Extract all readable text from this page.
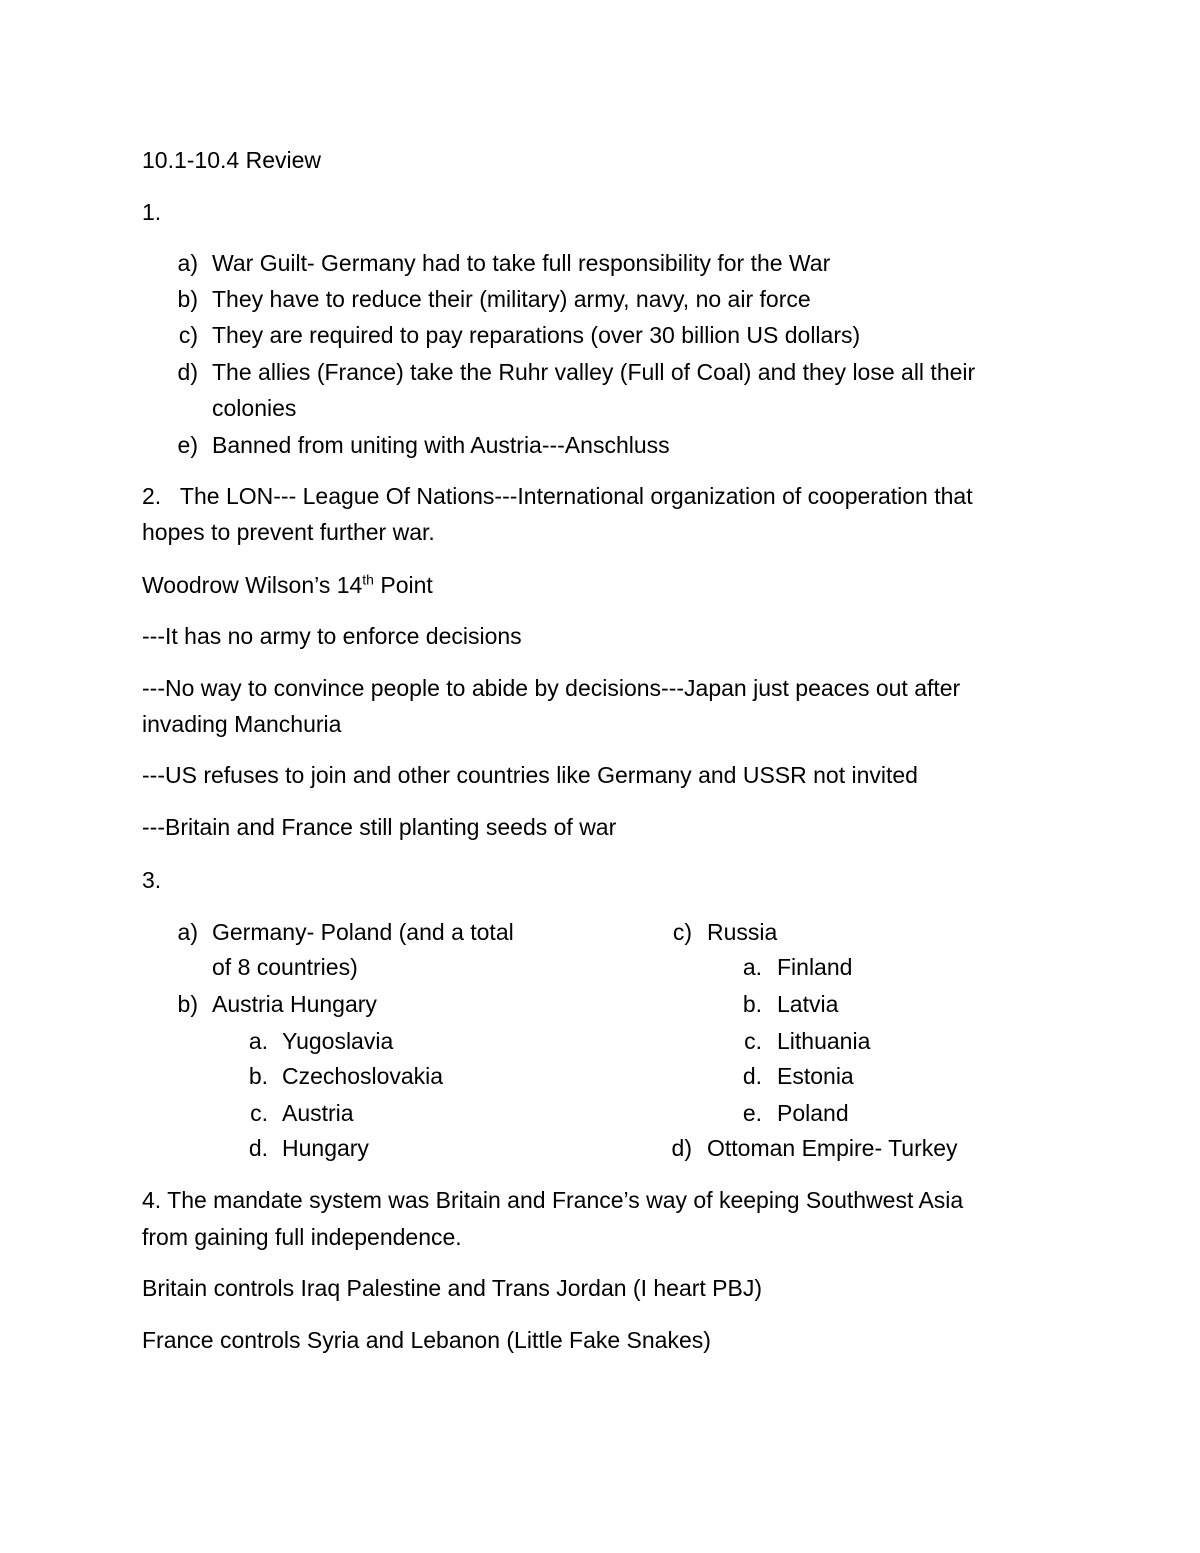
10.1-10.4 Review
1.
a) War Guilt- Germany had to take full responsibility for the War
b) They have to reduce their (military) army, navy, no air force
c) They are required to pay reparations (over 30 billion US dollars)
d) The allies (France) take the Ruhr valley (Full of Coal) and they lose all their
colonies
e) Banned from uniting with Austria---Anschluss
2.   The LON--- League Of Nations---International organization of cooperation that
hopes to prevent further war.
Woodrow Wilson’s 14th Point
---It has no army to enforce decisions
---No way to convince people to abide by decisions---Japan just peaces out after
invading Manchuria
---US refuses to join and other countries like Germany and USSR not invited
---Britain and France still planting seeds of war
3.
a) Germany- Poland (and a total
of 8 countries)
b) Austria Hungary
a. Yugoslavia
b. Czechoslovakia
c. Austria
d. Hungary
c) Russia
a. Finland
b. Latvia
c. Lithuania
d. Estonia
e. Poland
d) Ottoman Empire- Turkey
4. The mandate system was Britain and France’s way of keeping Southwest Asia
from gaining full independence.
Britain controls Iraq Palestine and Trans Jordan (I heart PBJ)
France controls Syria and Lebanon (Little Fake Snakes)
